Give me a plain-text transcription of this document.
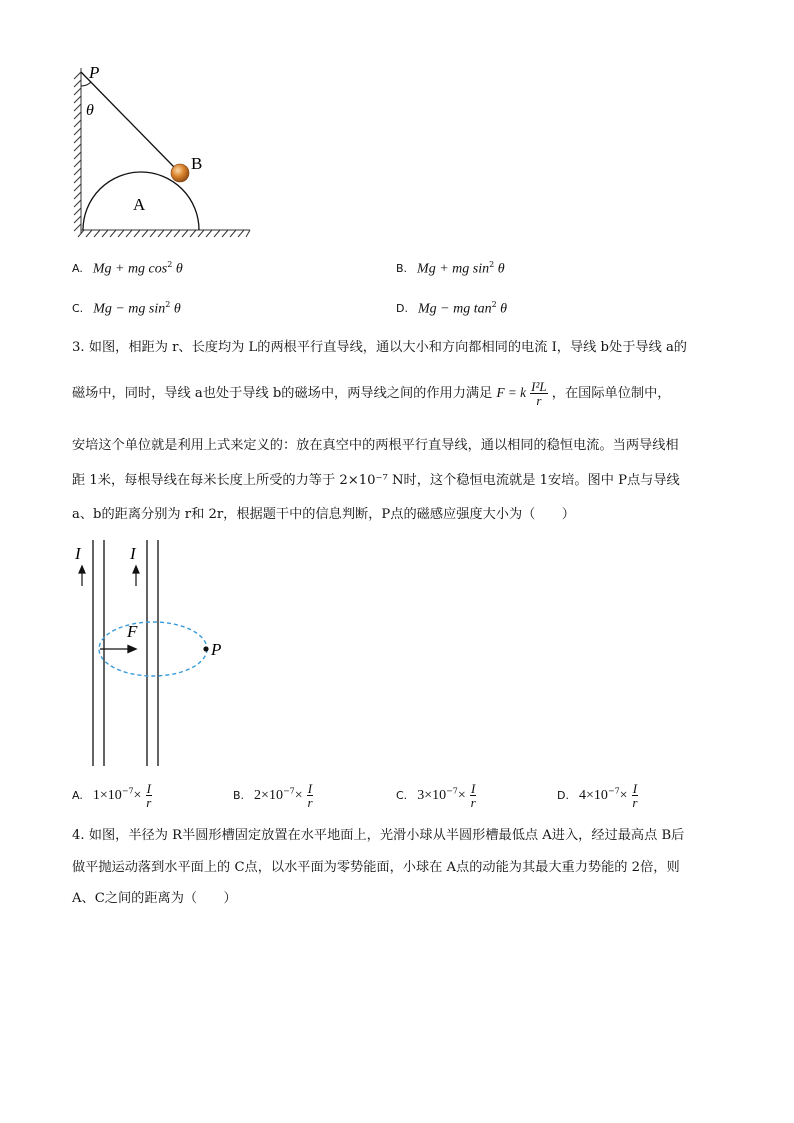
P
θ
B
A
A. Mg + mg $\cos^2 \theta$	B. Mg + mg $\sin^2 \theta$
C. Mg − mg $\sin^2 \theta$	D. Mg − mg $\tan^2 \theta$
3. 如图，相距为 r、长度均为 L的两根平行直导线，通以大小和方向都相同的电流 I，导线 b处于导线 a的
磁场中，同时，导线 a也处于导线 b的磁场中，两导线之间的作用力满足 F = k $\frac{\text{I²L}}{r}$ ，在国际单位制中，
安培这个单位就是利用上式来定义的：放在真空中的两根平行直导线，通以相同的稳恒电流。当两导线相
距 1米，每根导线在每米长度上所受的力等于 2×10⁻⁷ N时，这个稳恒电流就是 1安培。图中 P点与导线
a、b的距离分别为 r和 2r，根据题干中的信息判断，P点的磁感应强度大小为（　　）
I	I
F
P
A. $1\times 10^{-7}\times \frac{I}{r}$	B. $2\times 10^{-7}\times \frac{I}{r}$	C. $3\times 10^{-7}\times \frac{I}{r}$	D. $4\times 10^{-7}\times \frac{I}{r}$
4. 如图，半径为 R半圆形槽固定放置在水平地面上，光滑小球从半圆形槽最低点 A进入，经过最高点 B后
做平抛运动落到水平面上的 C点，以水平面为零势能面，小球在 A点的动能为其最大重力势能的 2倍，则
A、C之间的距离为（　　）
